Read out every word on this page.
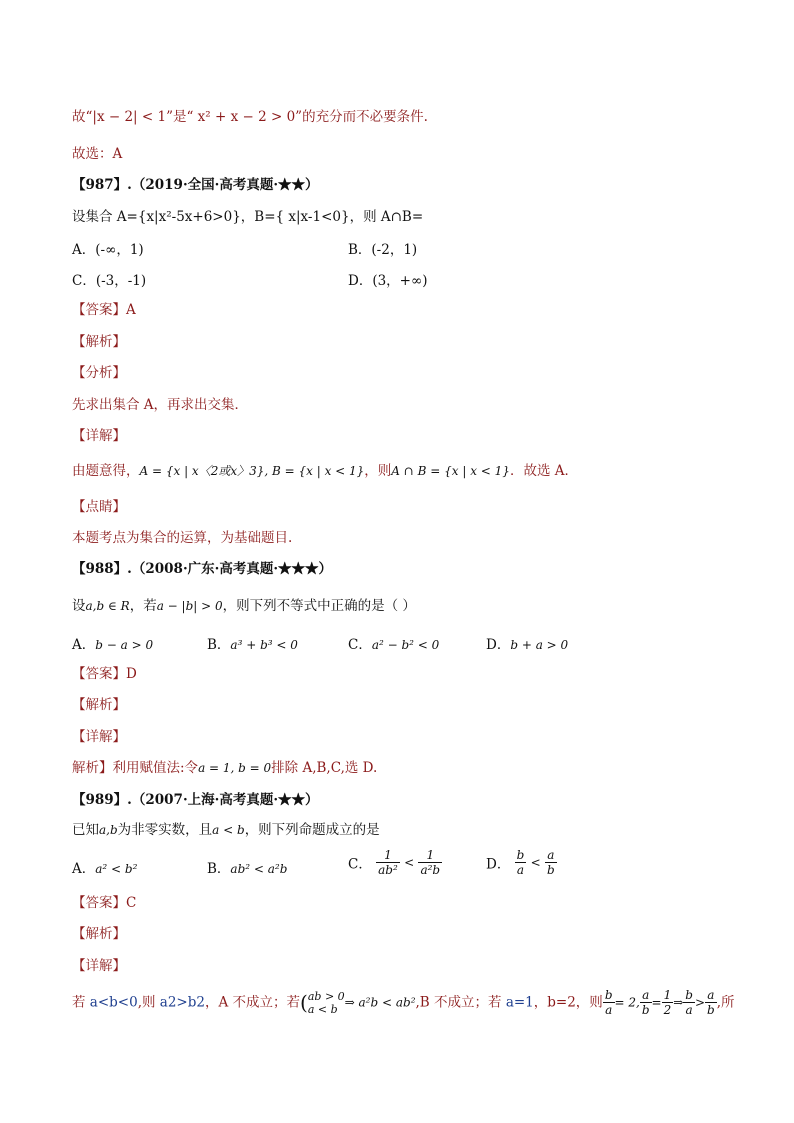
故“|x − 2| < 1”是“ x² + x − 2 > 0”的充分而不必要条件.
故选：A
【987】.（2019·全国·高考真题·★★）
设集合 A={x|x²-5x+6>0}，B={ x|x-1<0}，则 A∩B=
A．(-∞，1)	B．(-2，1)
C．(-3，-1)	D．(3，+∞)
【答案】A
【解析】
【分析】
先求出集合 A，再求出交集．
【详解】
由题意得，A = {x | x〈2或x〉3}, B = {x | x < 1}，则A ∩ B = {x | x < 1}．故选 A．
【点睛】
本题考点为集合的运算，为基础题目.
【988】.（2008·广东·高考真题·★★★）
设a,b ∈ R，若a − |b| > 0，则下列不等式中正确的是（ ）
A．b − a > 0	B．a³ + b³ < 0	C．a² − b² < 0	D．b + a > 0
【答案】D
【解析】
【详解】
解析】利用赋值法:令a = 1, b = 0排除 A,B,C,选 D.
【989】.（2007·上海·高考真题·★★）
已知a,b为非零实数，且a < b，则下列命题成立的是
A．a² < b²	B．ab² < a²b	C． $\frac{1}{\text{ab²}} < \frac{1}{\text{a²b}}$	D． $\frac{b}{a} < \frac{a}{b}$
【答案】C
【解析】
【详解】
若 a<b<0,则 a2>b2，A 不成立；若( ab > 0
a < b ⇒ a²b < ab²,B 不成立；若 a=1，b=2，则 $\frac{b}{a} = 2$, $\frac{a}{b} = \frac{1}{2}$ ⇒ $\frac{b}{a} > \frac{a}{b}$ ,所
